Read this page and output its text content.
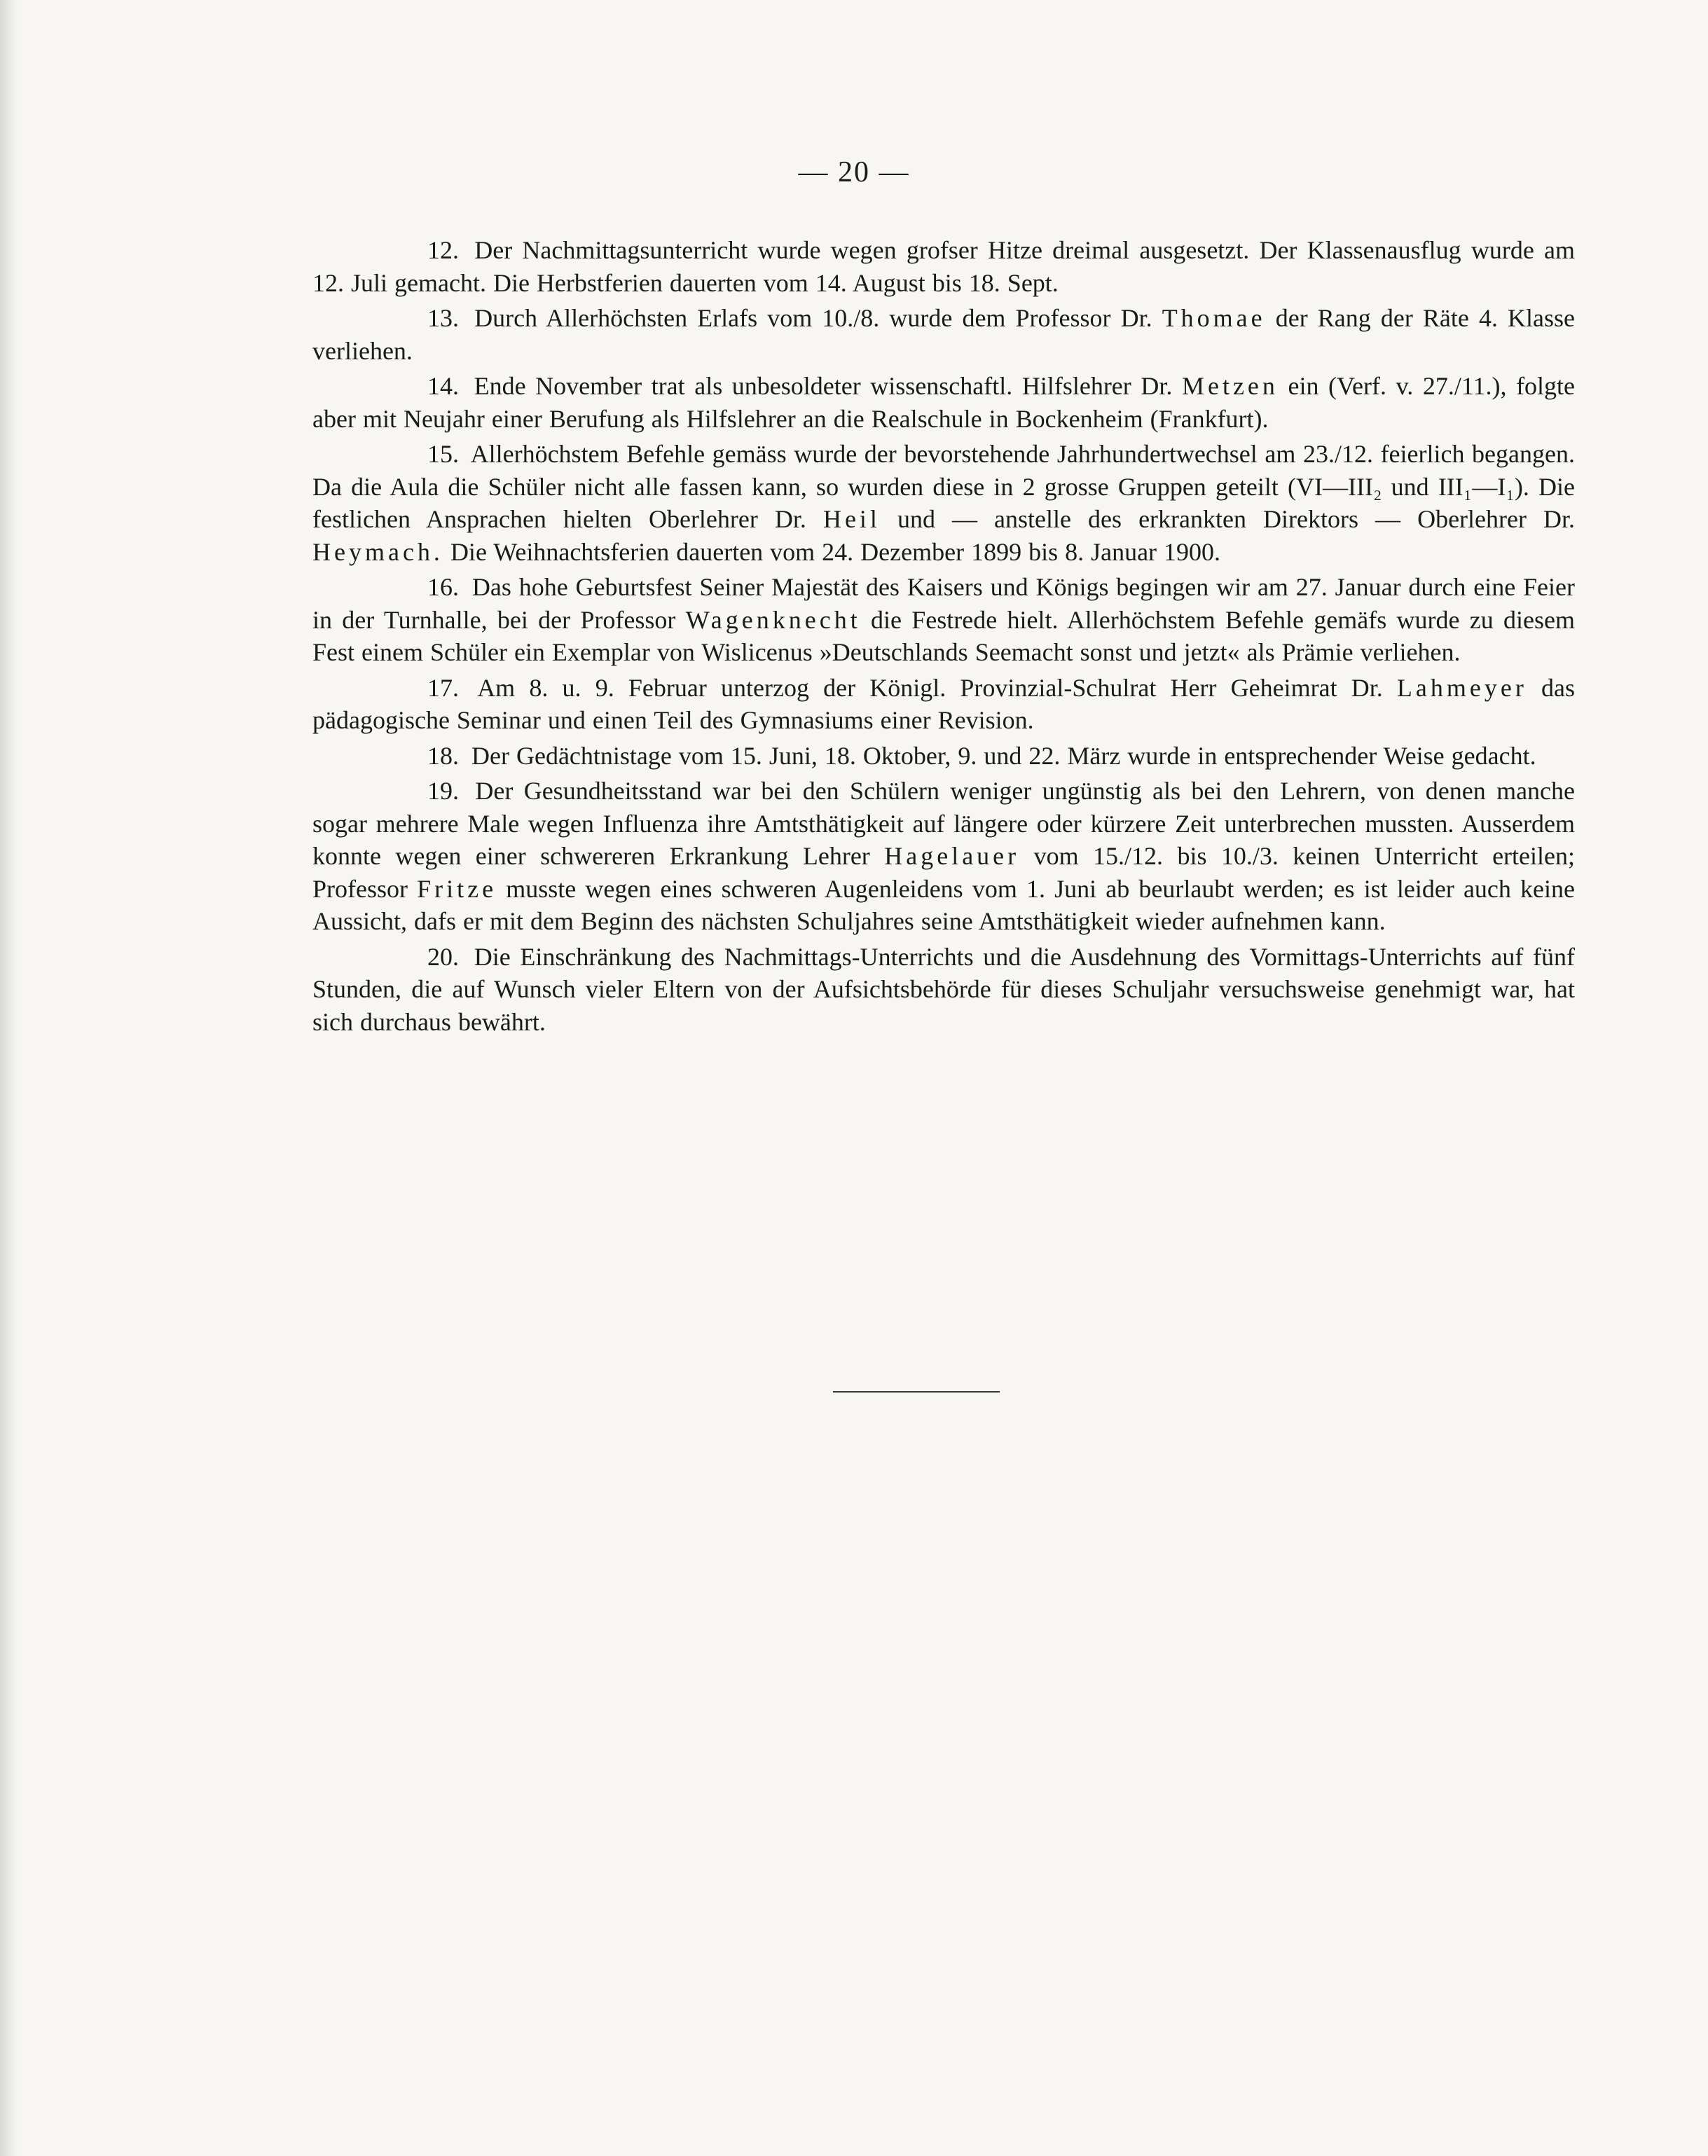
— 20 —

12. Der Nachmittagsunterricht wurde wegen grofser Hitze dreimal ausgesetzt. Der Klassenausflug wurde am 12. Juli gemacht. Die Herbstferien dauerten vom 14. August bis 18. Sept.

13. Durch Allerhöchsten Erlafs vom 10./8. wurde dem Professor Dr. Thomae der Rang der Räte 4. Klasse verliehen.

14. Ende November trat als unbesoldeter wissenschaftl. Hilfslehrer Dr. Metzen ein (Verf. v. 27./11.), folgte aber mit Neujahr einer Berufung als Hilfslehrer an die Realschule in Bockenheim (Frankfurt).

15. Allerhöchstem Befehle gemäss wurde der bevorstehende Jahrhundertwechsel am 23./12. feierlich begangen. Da die Aula die Schüler nicht alle fassen kann, so wurden diese in 2 grosse Gruppen geteilt (VI—III₂ und III₁—I₁). Die festlichen Ansprachen hielten Oberlehrer Dr. Heil und — anstelle des erkrankten Direktors — Oberlehrer Dr. Heymach. Die Weihnachtsferien dauerten vom 24. Dezember 1899 bis 8. Januar 1900.

16. Das hohe Geburtsfest Seiner Majestät des Kaisers und Königs begingen wir am 27. Januar durch eine Feier in der Turnhalle, bei der Professor Wagenknecht die Festrede hielt. Allerhöchstem Befehle gemäfs wurde zu diesem Fest einem Schüler ein Exemplar von Wislicenus »Deutschlands Seemacht sonst und jetzt« als Prämie verliehen.

17. Am 8. u. 9. Februar unterzog der Königl. Provinzial-Schulrat Herr Geheimrat Dr. Lahmeyer das pädagogische Seminar und einen Teil des Gymnasiums einer Revision.

18. Der Gedächtnistage vom 15. Juni, 18. Oktober, 9. und 22. März wurde in entsprechender Weise gedacht.

19. Der Gesundheitsstand war bei den Schülern weniger ungünstig als bei den Lehrern, von denen manche sogar mehrere Male wegen Influenza ihre Amtsthätigkeit auf längere oder kürzere Zeit unterbrechen mussten. Ausserdem konnte wegen einer schwereren Erkrankung Lehrer Hagelauer vom 15./12. bis 10./3. keinen Unterricht erteilen; Professor Fritze musste wegen eines schweren Augenleidens vom 1. Juni ab beurlaubt werden; es ist leider auch keine Aussicht, dafs er mit dem Beginn des nächsten Schuljahres seine Amtsthätigkeit wieder aufnehmen kann.

20. Die Einschränkung des Nachmittags-Unterrichts und die Ausdehnung des Vormittags-Unterrichts auf fünf Stunden, die auf Wunsch vieler Eltern von der Aufsichtsbehörde für dieses Schuljahr versuchsweise genehmigt war, hat sich durchaus bewährt.
